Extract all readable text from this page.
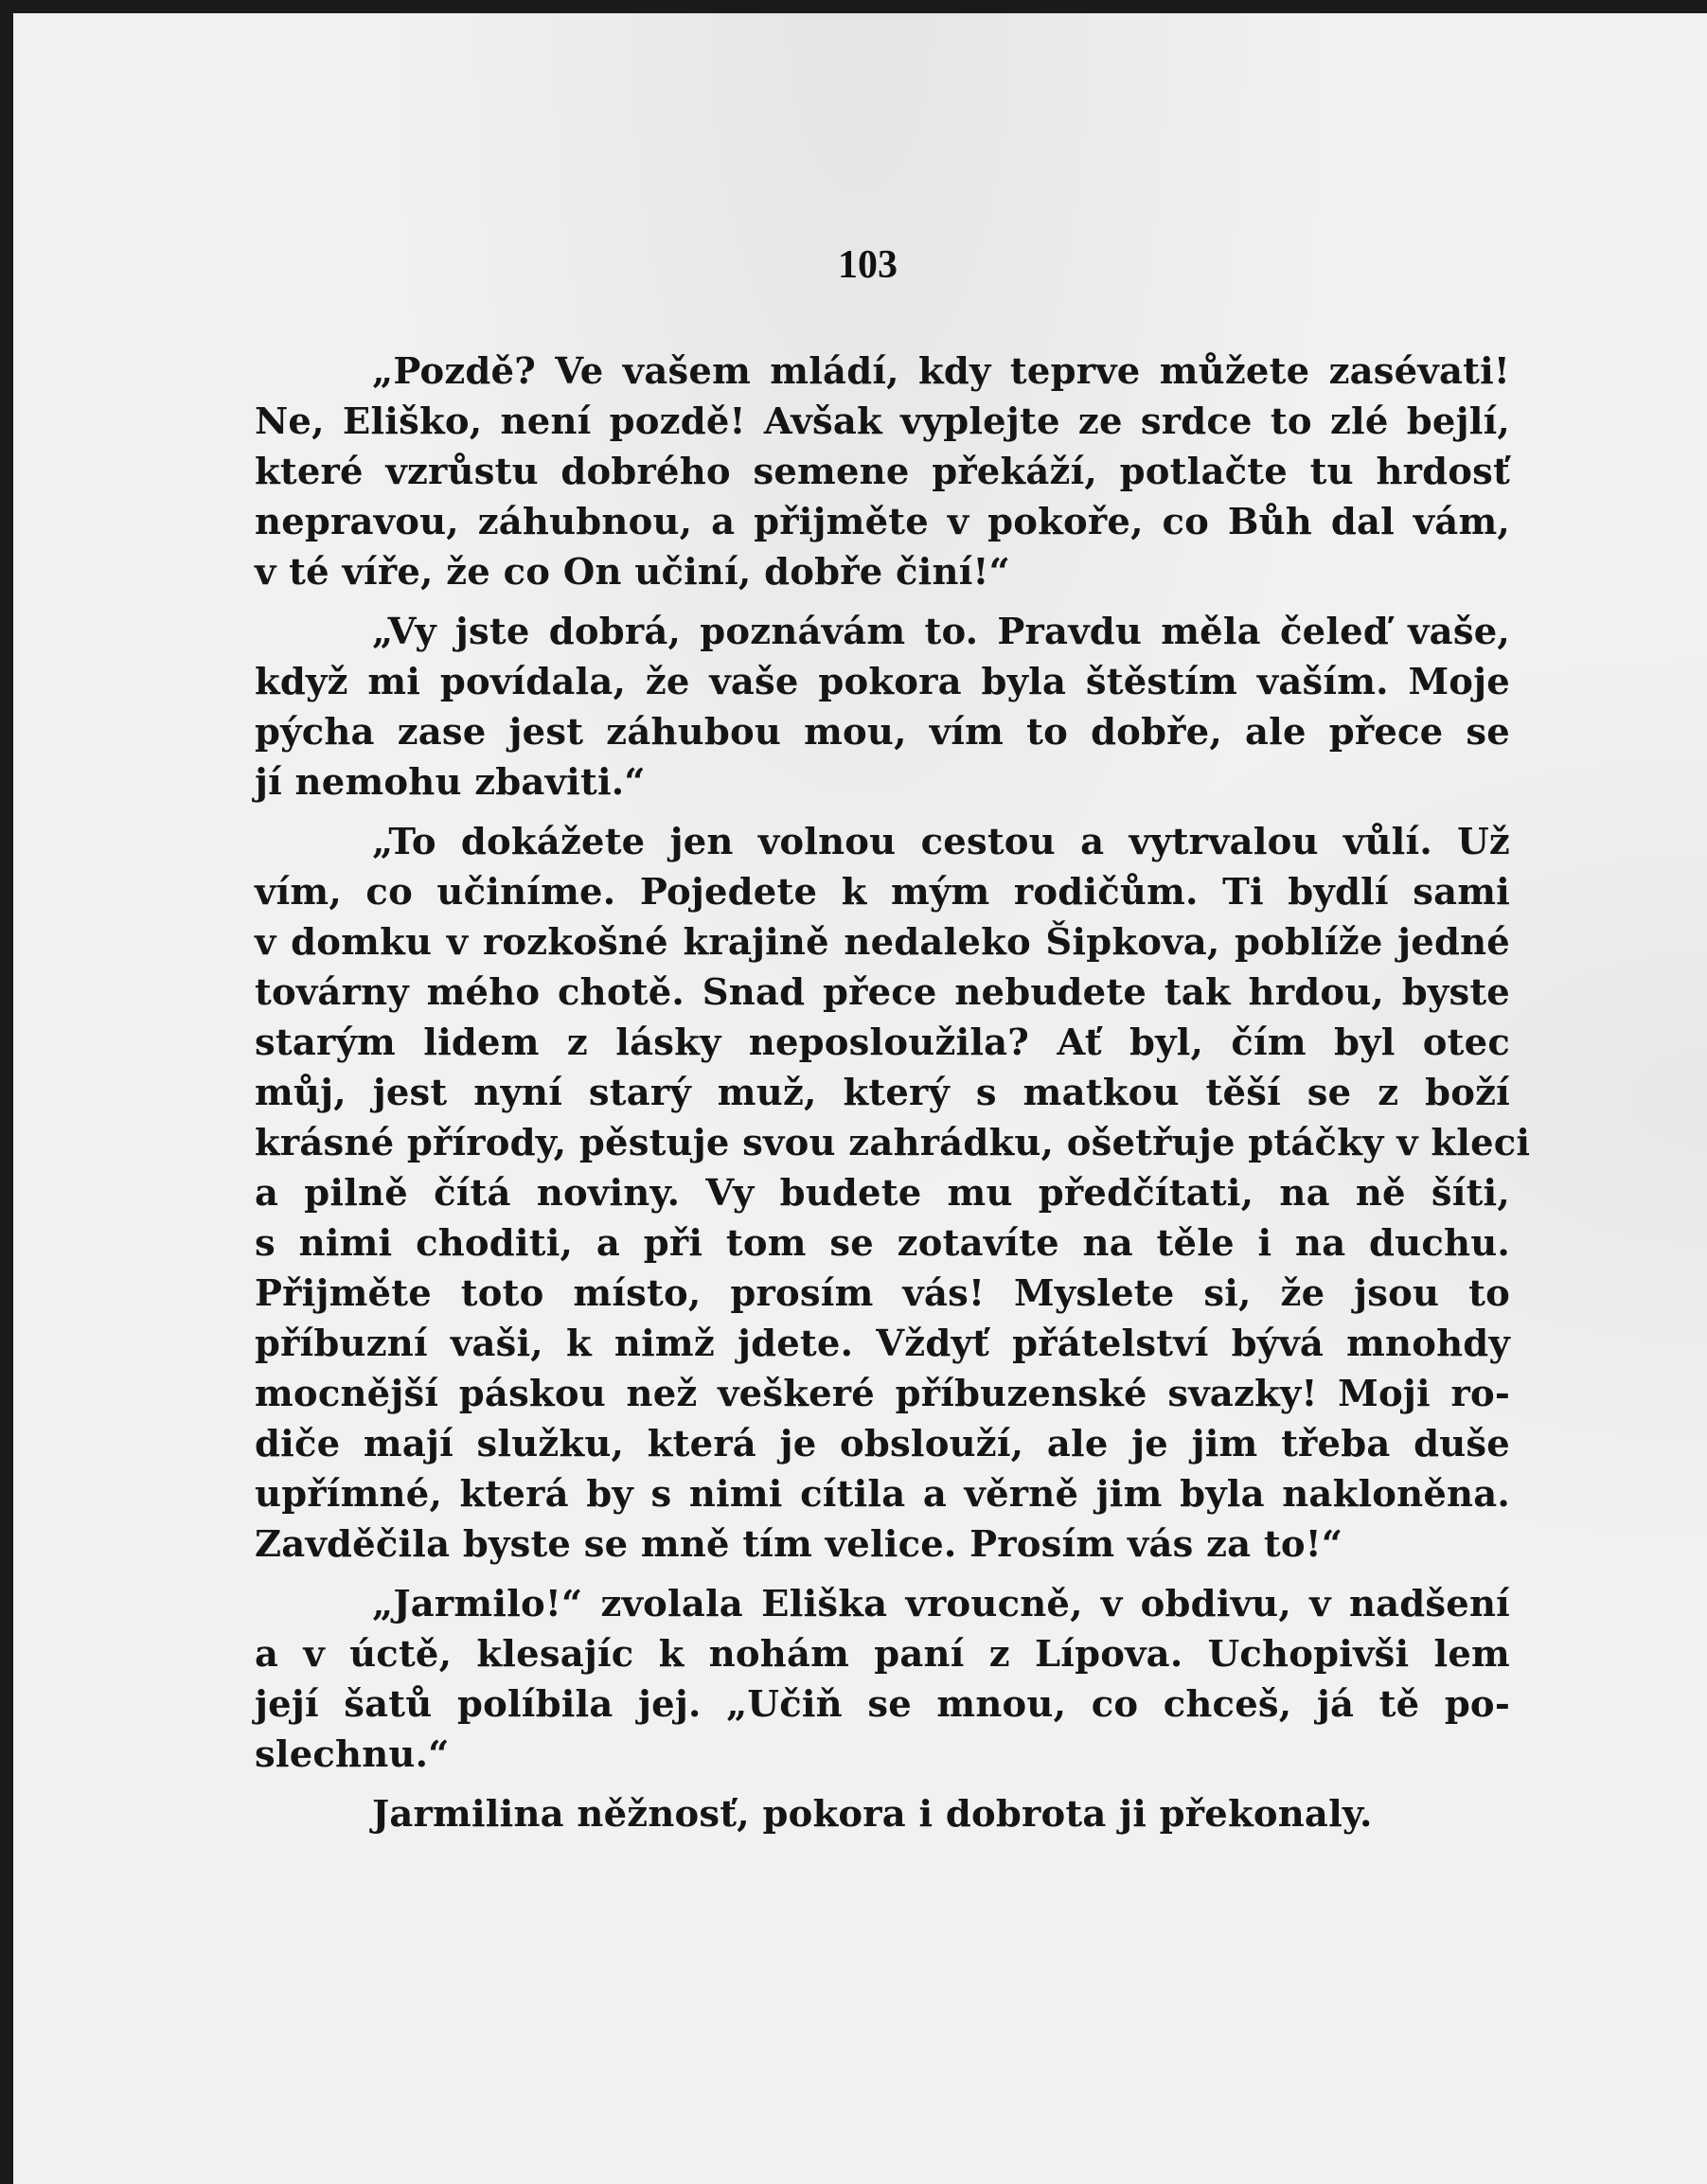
103
„Pozdě? Ve vašem mládí, kdy teprve můžete zasévati!
Ne, Eliško, není pozdě! Avšak vyplejte ze srdce to zlé bejlí,
které vzrůstu dobrého semene překáží, potlačte tu hrdosť
nepravou, záhubnou, a přijměte v pokoře, co Bůh dal vám,
v té víře, že co On učiní, dobře činí!“
„Vy jste dobrá, poznávám to. Pravdu měla čeleď vaše,
když mi povídala, že vaše pokora byla štěstím vaším. Moje
pýcha zase jest záhubou mou, vím to dobře, ale přece se
jí nemohu zbaviti.“
„To dokážete jen volnou cestou a vytrvalou vůlí. Už
vím, co učiníme. Pojedete k mým rodičům. Ti bydlí sami
v domku v rozkošné krajině nedaleko Šipkova, poblíže jedné
továrny mého chotě. Snad přece nebudete tak hrdou, byste
starým lidem z lásky neposloužila? Ať byl, čím byl otec
můj, jest nyní starý muž, který s matkou těší se z boží
krásné přírody, pěstuje svou zahrádku, ošetřuje ptáčky v kleci
a pilně čítá noviny. Vy budete mu předčítati, na ně šíti,
s nimi choditi, a při tom se zotavíte na těle i na duchu.
Přijměte toto místo, prosím vás! Myslete si, že jsou to
příbuzní vaši, k nimž jdete. Vždyť přátelství bývá mnohdy
mocnější páskou než veškeré příbuzenské svazky! Moji ro-
diče mají služku, která je obslouží, ale je jim třeba duše
upřímné, která by s nimi cítila a věrně jim byla nakloněna.
Zavděčila byste se mně tím velice. Prosím vás za to!“
„Jarmilo!“ zvolala Eliška vroucně, v obdivu, v nadšení
a v úctě, klesajíc k nohám paní z Lípova. Uchopivši lem
její šatů políbila jej. „Učiň se mnou, co chceš, já tě po-
slechnu.“
Jarmilina něžnosť, pokora i dobrota ji překonaly.
